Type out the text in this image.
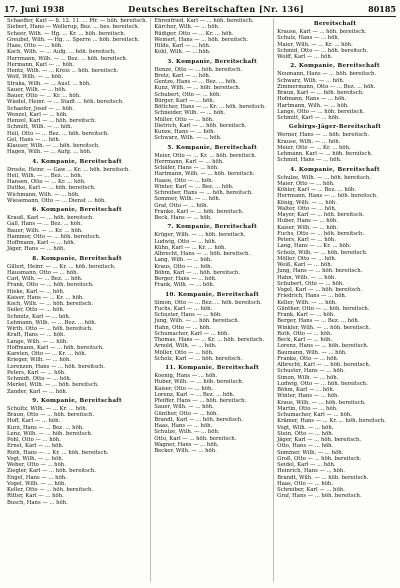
17. Juni 1938	Deutsches Bereitschaften [Nr. 136]	80185
Schaeffer, Karl — 8. 12. 11. ... Pfr. — höh. bereitsch.
Siebert, Hans — Wollerup, Bez. ... bes. bereitsch.
Scheer, Wilh. — Hg. ... Kr. ... höh. bereitsch.
Greubel, Wilh. — Hg. ... Sperre ... höh. bereitsch.
Haas, Otto — ... höh.
Koch, Wilh. — ... Aufg. ... höh. bereitsch.
Herrmann, Wilh. — ... Bez. ... höh. bereitsch.
Hermann, Karl — ... höh.
Hentz, Wilh. — ... Kreis ... höh. bereitsch.
Wolf, Wilh. — ... höh.
Straka, Wilh. — ... Ausf. ... höh.
Sauer, Wilh. — ... höh.
Bauer, Otto — ... Kr. ... höh.
Wiedel, Heinr. — ... Stadt ... höh. bereitsch.
Schaefer, Josef — ... höh.
Wenzel, Karl — ... höh.
Henzel, Karl — ... höh. bereitsch.
Schmitt, Wilh. — ... höh.
Heil, Otto — ... Bez. ... höh. bereitsch.
Gel, Hans — ... höh.
Klauser, Wilh. — ... höh. bereitsch.
Hagen, Wilh. — ... Aufg. ... höh.
4. Kompanie, Bereitschaft
Droste, Heinr. — Gaw ... Kr. ... höh. bereitsch.
Heil, Wilh. — ... Bez. ... höh.
Hansen, Otto — ... Kr. ... höh.
Duttke, Karl — ... höh. bereitsch.
Wichmann, Wilh. — ... höh.
Wiesemann, Otto — ... Dienst ... höh.
6. Kompanie, Bereitschaft
Krauß, Karl — ... höh. bereitsch.
Gall, Hans — ... Bez. ... höh.
Bauer, Wilh. — ... Kr. ... höh.
Hammer, Otto — ... höh. bereitsch.
Hoffmann, Karl — ... höh.
Jäger, Hans — ... höh.
8. Kompanie, Bereitschaft
Gillert, Heinr. — ... Kr. ... höh. bereitsch.
Hausmann, Otto — ... höh.
Carl, Wilh. — ... Bez. ... höh.
Frank, Otto — ... höh. bereitsch.
Hieke, Karl — ... höh.
Kaiser, Hans — ... Kr. ... höh.
Koch, Wilh. — ... höh. bereitsch.
Seiler, Otto — ... höh.
Schmitz, Karl — ... höh.
Lehmann, Wilh. — ... Bez. ... höh.
Wirth, Otto — ... höh. bereitsch.
Kraft, Hans — ... höh.
Lange, Wilh. — ... höh.
Hoffmann, Karl — ... höh. bereitsch.
Karsten, Otto — ... Kr. ... höh.
Krieger, Wilh. — ... höh.
Lorenzen, Hans — ... höh. bereitsch.
Peters, Karl — ... höh.
Schmidt, Otto — ... höh.
Merkel, Wilh. — ... höh. bereitsch.
Zander, Karl — ... höh.
9. Kompanie, Bereitschaft
Schultz, Wilh. — ... Kr. ... höh.
Braun, Otto — ... höh. bereitsch.
Hoff, Karl — ... höh.
Kurz, Hans — ... Bez. ... höh.
Lenz, Wilh. — ... höh. bereitsch.
Pohl, Otto — ... höh.
Ernst, Karl — ... höh.
Roth, Hans — ... Kr. ... höh. bereitsch.
Vogt, Wilh. — ... höh.
Weber, Otto — ... höh.
Ziegler, Karl — ... höh. bereitsch.
Engel, Hans — ... höh.
Vogel, Wilh. — ... höh.
Keller, Otto — ... höh. bereitsch.
Ritter, Karl — ... höh.
Busch, Hans — ... höh.
Ehrenfried, Karl — ... höh. bereitsch.
Kärcher, Wilh. — ... höh.
Rüdiger, Otto — ... Kr. ... höh.
Weinert, Hans — ... höh. bereitsch.
Hilde, Karl — ... höh.
Kohl, Wilh. — ... höh.
3. Kompanie, Bereitschaft
Henze, Otto — ... höh. bereitsch.
Bretz, Karl — ... höh.
Gentze, Hans — ... Bez. ... höh.
Kunz, Wilh. — ... höh. bereitsch.
Schubert, Otto — ... höh.
Bürger, Karl — ... höh.
Böttcher, Hans — ... Kr. ... höh. bereitsch.
Schneider, Wilh. — ... höh.
Müller, Otto — ... höh.
Dietrich, Karl — ... höh. bereitsch.
Kunze, Hans — ... höh.
Schwarz, Wilh. — ... höh.
5. Kompanie, Bereitschaft
Meier, Otto — ... Kr. ... höh. bereitsch.
Herrmann, Karl — ... höh.
Schäfer, Hans — ... höh.
Hartmann, Wilh. — ... höh. bereitsch.
Haase, Otto — ... höh.
Winter, Karl — ... Bez. ... höh.
Schreiber, Hans — ... höh. bereitsch.
Sommer, Wilh. — ... höh.
Graf, Otto — ... höh.
Franke, Karl — ... höh. bereitsch.
Beck, Hans — ... höh.
7. Kompanie, Bereitschaft
Krüger, Wilh. — ... höh. bereitsch.
Ludwig, Otto — ... höh.
Kühn, Karl — ... Kr. ... höh.
Albrecht, Hans — ... höh. bereitsch.
Lang, Wilh. — ... höh.
Kraus, Otto — ... höh.
Böhm, Karl — ... höh. bereitsch.
Berger, Hans — ... höh.
Frank, Wilh. — ... höh.
10. Kompanie, Bereitschaft
Simon, Otto — ... Bez. ... höh. bereitsch.
Fuchs, Karl — ... höh.
Schuster, Hans — ... höh.
Jung, Wilh. — ... höh. bereitsch.
Hahn, Otto — ... höh.
Schumacher, Karl — ... höh.
Thomas, Hans — ... Kr. ... höh. bereitsch.
Arnold, Wilh. — ... höh.
Möller, Otto — ... höh.
Scholz, Karl — ... höh. bereitsch.
11. Kompanie, Bereitschaft
Koenig, Hans — ... höh.
Huber, Wilh. — ... höh. bereitsch.
Kaiser, Otto — ... höh.
Lorenz, Karl — ... Bez. ... höh.
Pfeiffer, Hans — ... höh. bereitsch.
Sauer, Wilh. — ... höh.
Günther, Otto — ... höh.
Brandt, Karl — ... höh. bereitsch.
Haas, Hans — ... höh.
Schulze, Wilh. — ... höh.
Otto, Karl — ... höh. bereitsch.
Wagner, Hans — ... höh.
Becker, Wilh. — ... höh.
Bereitschaft
Krause, Karl — ... höh. bereitsch.
Schulz, Hans — ... höh.
Maier, Wilh. — ... Kr. ... höh.
Schmid, Otto — ... höh. bereitsch.
Wolff, Karl — ... höh.
2. Kompanie, Bereitschaft
Neumann, Hans — ... höh. bereitsch.
Schwarz, Wilh. — ... höh.
Zimmermann, Otto — ... Bez. ... höh.
Braun, Karl — ... höh. bereitsch.
Hofmann, Hans — ... höh.
Hartmann, Wilh. — ... höh.
Lange, Otto — ... höh. bereitsch.
Schmitt, Karl — ... höh.
Gebirgs-Jäger-Bereitschaft
Werner, Hans — ... höh. bereitsch.
Krause, Wilh. — ... höh.
Meier, Otto — ... Kr. ... höh.
Lehmann, Karl — ... höh. bereitsch.
Schmid, Hans — ... höh.
4. Kompanie, Bereitschaft
Schulze, Wilh. — ... höh. bereitsch.
Maier, Otto — ... höh.
Köhler, Karl — ... Bez. ... höh.
Herrmann, Hans — ... höh. bereitsch.
König, Wilh. — ... höh.
Walter, Otto — ... höh.
Mayer, Karl — ... höh. bereitsch.
Huber, Hans — ... höh.
Kaiser, Wilh. — ... höh.
Fuchs, Otto — ... höh. bereitsch.
Peters, Karl — ... höh.
Lang, Hans — ... Kr. ... höh.
Scholz, Wilh. — ... höh. bereitsch.
Möller, Otto — ... höh.
Weiß, Karl — ... höh.
Jung, Hans — ... höh. bereitsch.
Hahn, Wilh. — ... höh.
Schubert, Otto — ... höh.
Vogel, Karl — ... höh. bereitsch.
Friedrich, Hans — ... höh.
Keller, Wilh. — ... höh.
Günther, Otto — ... höh. bereitsch.
Frank, Karl — ... höh.
Berger, Hans — ... Bez. ... höh.
Winkler, Wilh. — ... höh. bereitsch.
Roth, Otto — ... höh.
Beck, Karl — ... höh.
Lorenz, Hans — ... höh. bereitsch.
Baumann, Wilh. — ... höh.
Franke, Otto — ... höh.
Albrecht, Karl — ... höh. bereitsch.
Schuster, Hans — ... höh.
Simon, Wilh. — ... höh.
Ludwig, Otto — ... höh. bereitsch.
Böhm, Karl — ... höh.
Winter, Hans — ... höh.
Kraus, Wilh. — ... höh. bereitsch.
Martin, Otto — ... höh.
Schumacher, Karl — ... höh.
Krämer, Hans — ... Kr. ... höh. bereitsch.
Vogt, Wilh. — ... höh.
Stein, Otto — ... höh.
Jäger, Karl — ... höh. bereitsch.
Otto, Hans — ... höh.
Sommer, Wilh. — ... höh.
Groß, Otto — ... höh. bereitsch.
Seidel, Karl — ... höh.
Heinrich, Hans — ... höh.
Brandt, Wilh. — ... höh. bereitsch.
Haas, Otto — ... höh.
Schreiber, Karl — ... höh.
Graf, Hans — ... höh. bereitsch.
